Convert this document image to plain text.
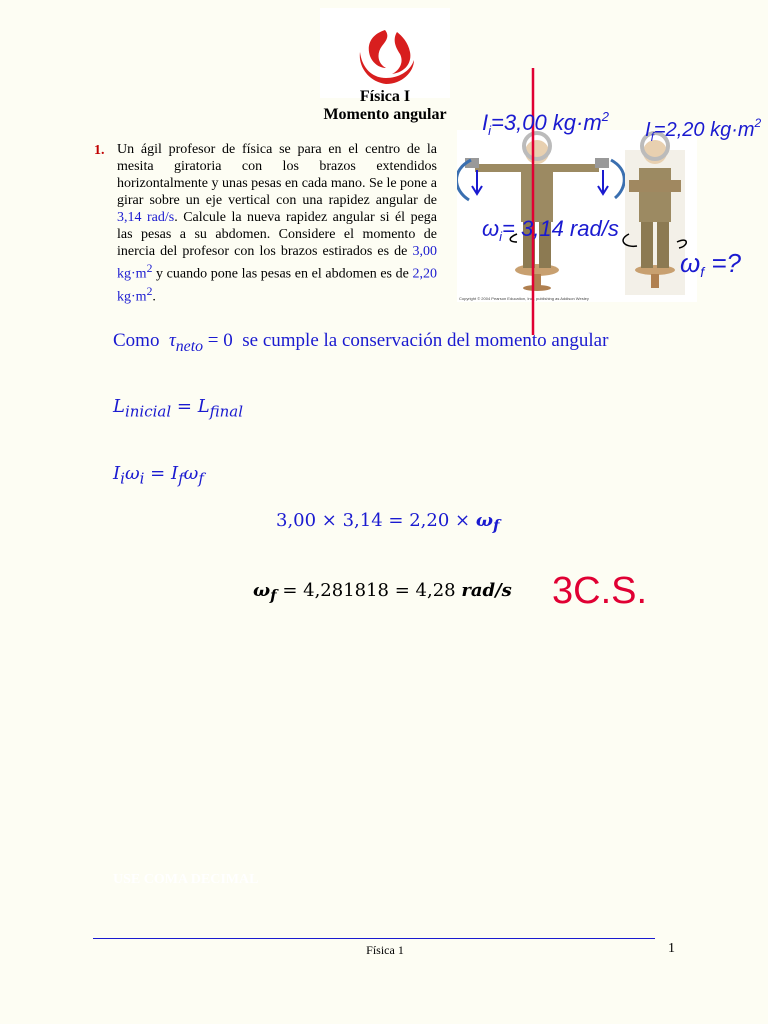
Física I
Momento angular
1. Un ágil profesor de física se para en el centro de la mesita giratoria con los brazos extendidos horizontalmente y unas pesas en cada mano. Se le pone a girar sobre un eje vertical con una rapidez angular de 3,14 rad/s. Calcule la nueva rapidez angular si él pega las pesas a su abdomen. Considere el momento de inercia del profesor con los brazos estirados es de 3,00 $kg\cdot m^2$ y cuando pone las pesas en el abdomen es de 2,20 $kg\cdot m^2$.	Copyright © 2004 Pearson Education, Inc., publishing as Addison Wesley
$I_i=3,00$ $kg\cdot m^2$
$I_f=2,20$ $kg\cdot m^2$
$\omega_i= 3,14$ rad/s
ωf =?
3C.S.
Como $\tau_{neto} = 0$ se cumple la conservación del momento angular
$L_{inicial} = L_{final}$
$I_i\omega_i = I_f\omega_f$
$3,00 \times 3,14 = 2,20 \times \omega_f$
$\omega_f = 4,281818 = 4,28$ rad/s
USE COMA DECIMAL
Física 1	1
